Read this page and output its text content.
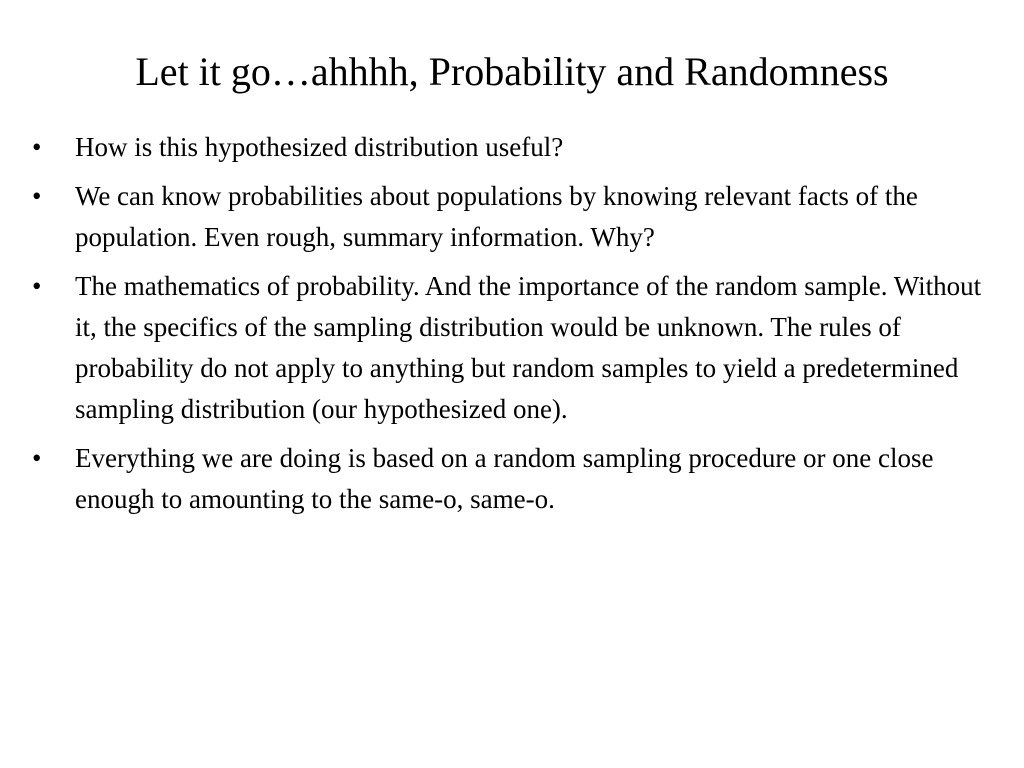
Let it go…ahhhh, Probability and Randomness
•	How is this hypothesized distribution useful?
•	We can know probabilities about populations by knowing relevant facts of the population. Even rough, summary information. Why?
•	The mathematics of probability. And the importance of the random sample. Without it, the specifics of the sampling distribution would be unknown. The rules of probability do not apply to anything but random samples to yield a predetermined sampling distribution (our hypothesized one).
•	Everything we are doing is based on a random sampling procedure or one close enough to amounting to the same-o, same-o.
